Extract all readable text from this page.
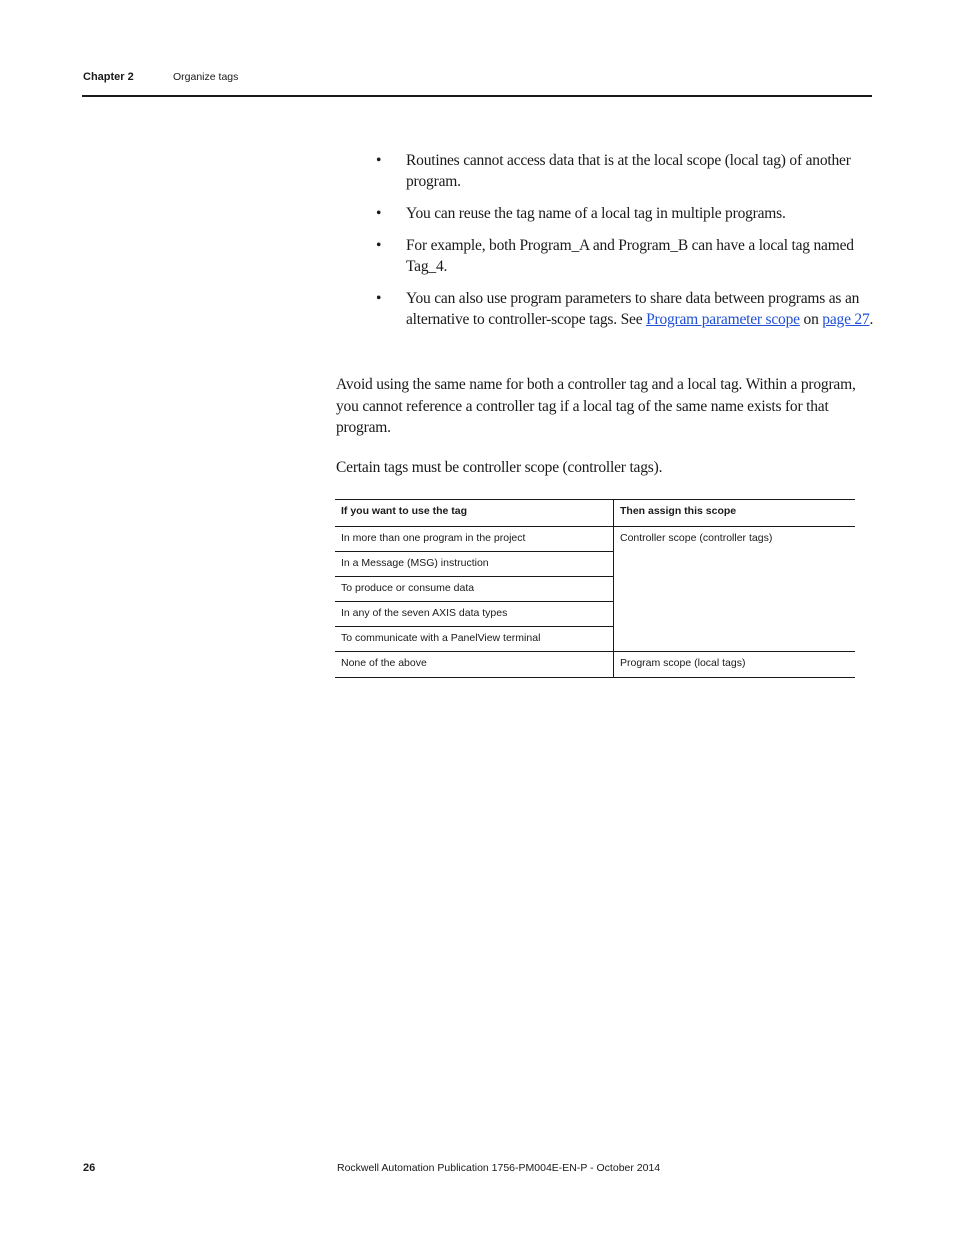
Chapter 2	Organize tags
• Routines cannot access data that is at the local scope (local tag) of another program.
• You can reuse the tag name of a local tag in multiple programs.
• For example, both Program_A and Program_B can have a local tag named Tag_4.
• You can also use program parameters to share data between programs as an alternative to controller-scope tags. See Program parameter scope on page 27.

Avoid using the same name for both a controller tag and a local tag. Within a program, you cannot reference a controller tag if a local tag of the same name exists for that program.

Certain tags must be controller scope (controller tags).

If you want to use the tag	Then assign this scope
In more than one program in the project	Controller scope (controller tags)
In a Message (MSG) instruction	
To produce or consume data	
In any of the seven AXIS data types	
To communicate with a PanelView terminal	
None of the above	Program scope (local tags)
26	Rockwell Automation Publication 1756-PM004E-EN-P - October 2014
